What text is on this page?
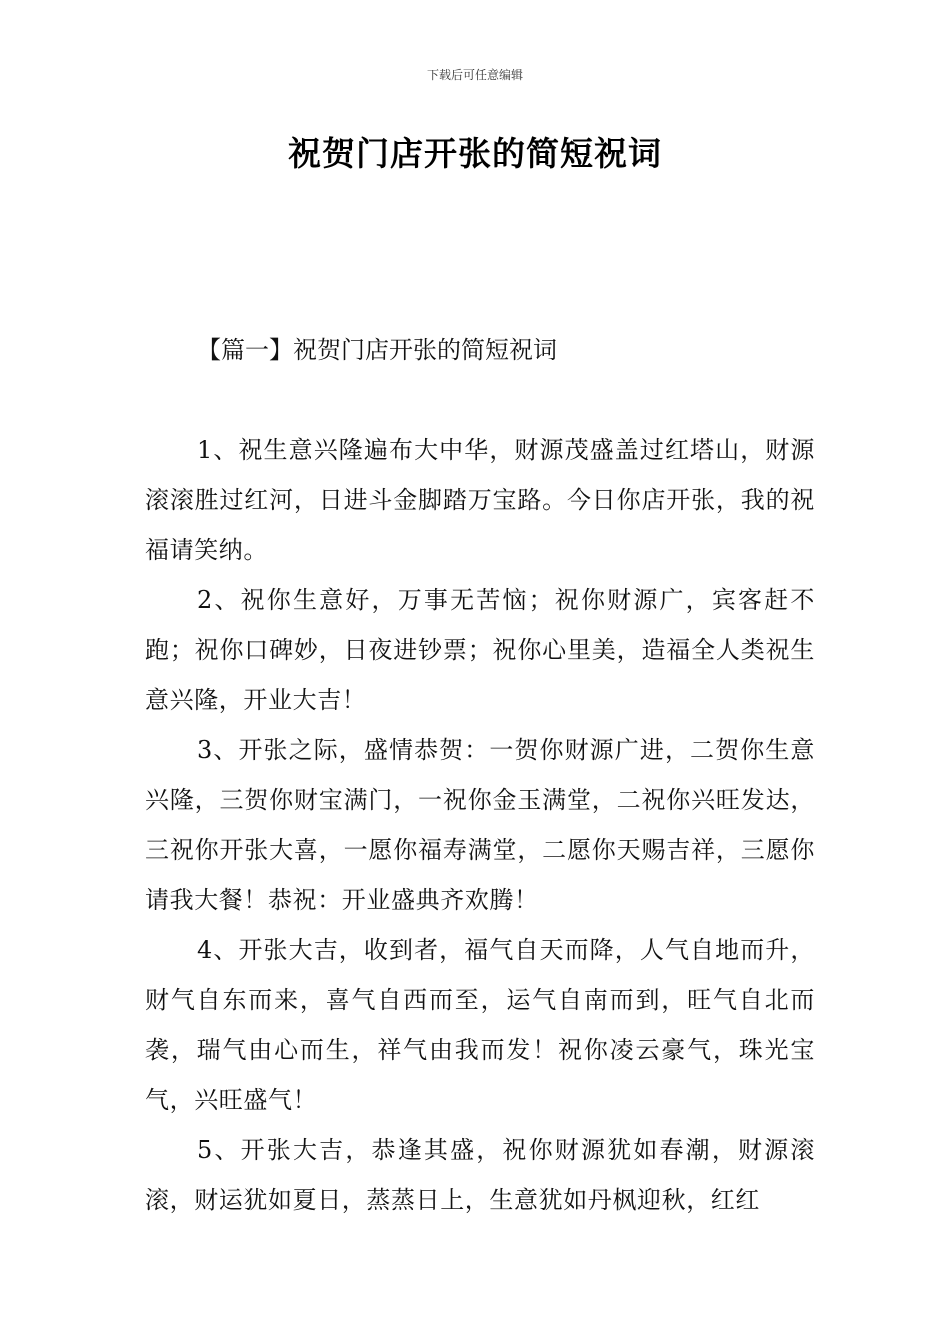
下载后可任意编辑
祝贺门店开张的简短祝词
【篇一】祝贺门店开张的简短祝词

1、祝生意兴隆遍布大中华，财源茂盛盖过红塔山，财源滚滚胜过红河，日进斗金脚踏万宝路。今日你店开张，我的祝福请笑纳。

2、祝你生意好，万事无苦恼；祝你财源广，宾客赶不跑；祝你口碑妙，日夜进钞票；祝你心里美，造福全人类祝生意兴隆，开业大吉！

3、开张之际，盛情恭贺：一贺你财源广进，二贺你生意兴隆，三贺你财宝满门，一祝你金玉满堂，二祝你兴旺发达，三祝你开张大喜，一愿你福寿满堂，二愿你天赐吉祥，三愿你请我大餐！恭祝：开业盛典齐欢腾！

4、开张大吉，收到者，福气自天而降，人气自地而升，财气自东而来，喜气自西而至，运气自南而到，旺气自北而袭，瑞气由心而生，祥气由我而发！祝你凌云豪气，珠光宝气，兴旺盛气！

5、开张大吉，恭逢其盛，祝你财源犹如春潮，财源滚滚，财运犹如夏日，蒸蒸日上，生意犹如丹枫迎秋，红红
